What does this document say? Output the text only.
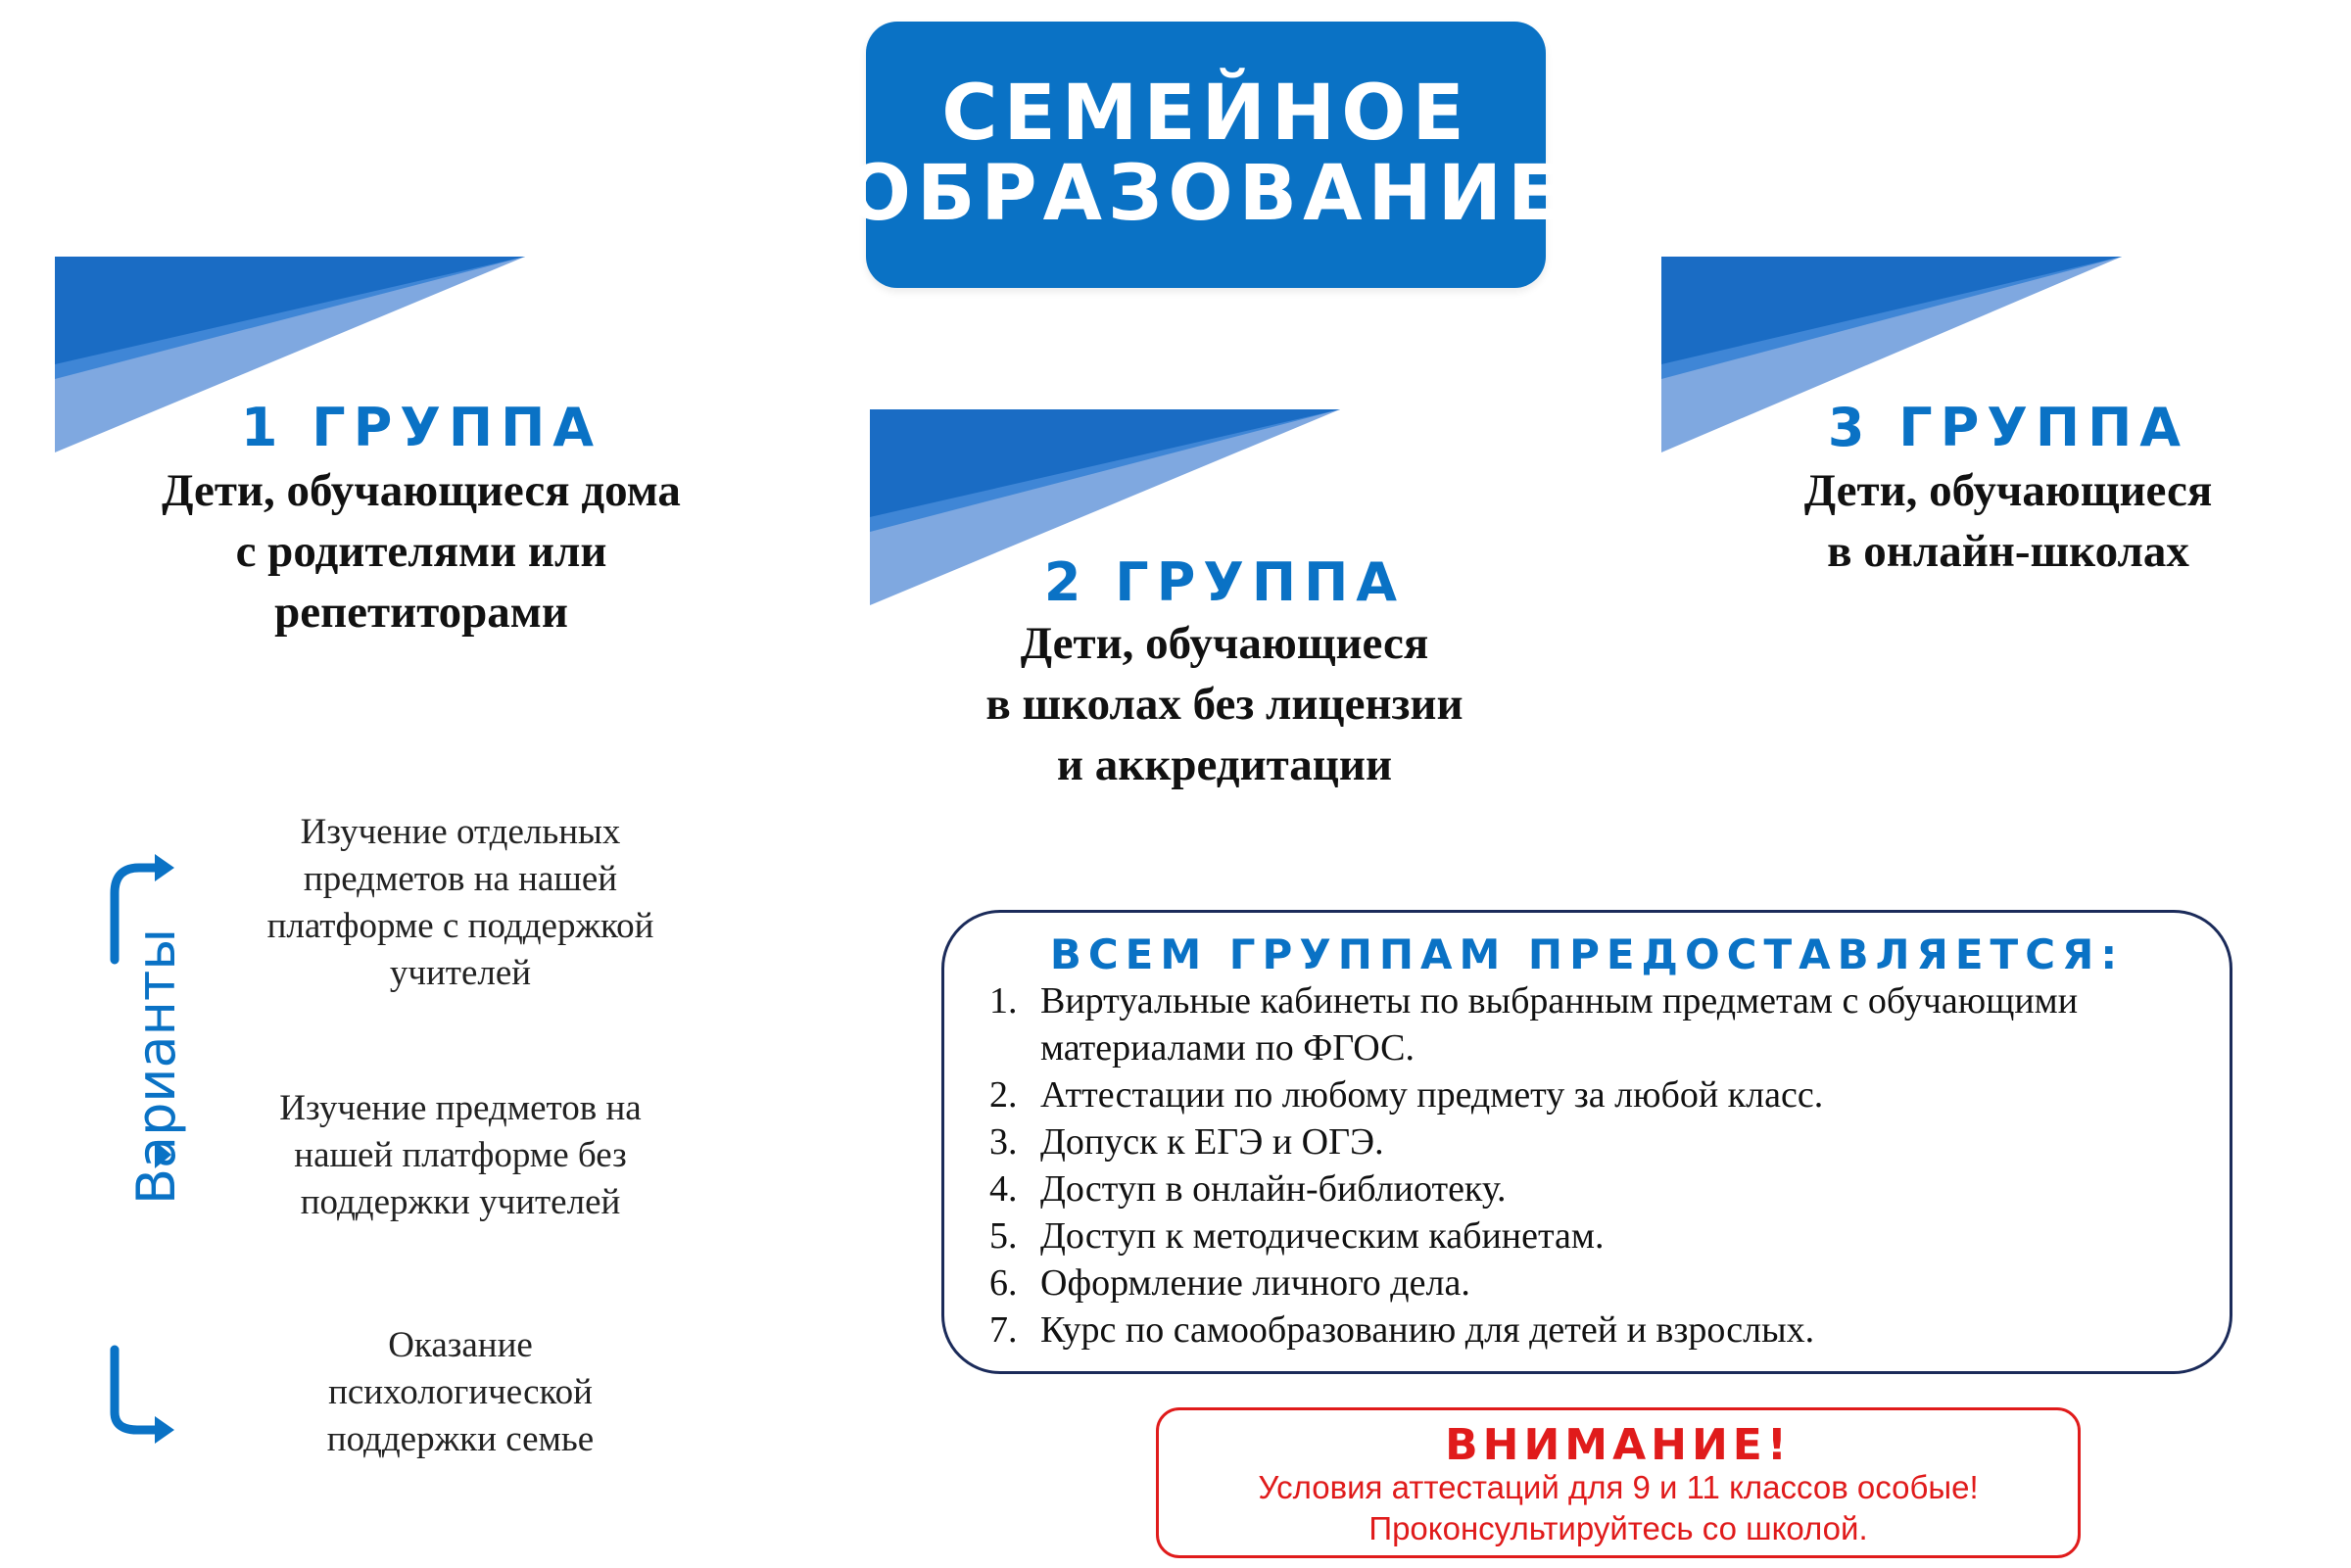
СЕМЕЙНОЕ
ОБРАЗОВАНИЕ
1 ГРУППА
Дети, обучающиеся дома
с родителями или
репетиторами	2 ГРУППА
Дети, обучающиеся
в школах без лицензии
и аккредитации
3 ГРУППА
Дети, обучающиеся
в онлайн-школах
Варианты
Изучение отдельных
предметов на нашей
платформе с поддержкой
учителей
Изучение предметов на
нашей платформе без
поддержки учителей
Оказание
психологической
поддержки семье
ВСЕМ ГРУППАМ ПРЕДОСТАВЛЯЕТСЯ:
1. Виртуальные кабинеты по выбранным предметам с обучающими
материалами по ФГОС.
2. Аттестации по любому предмету за любой класс.
3. Допуск к ЕГЭ и ОГЭ.
4. Доступ в онлайн-библиотеку.
5. Доступ к методическим кабинетам.
6. Оформление личного дела.
7. Курс по самообразованию для детей и взрослых.
ВНИМАНИЕ!
Условия аттестаций для 9 и 11 классов особые!
Проконсультируйтесь со школой.
